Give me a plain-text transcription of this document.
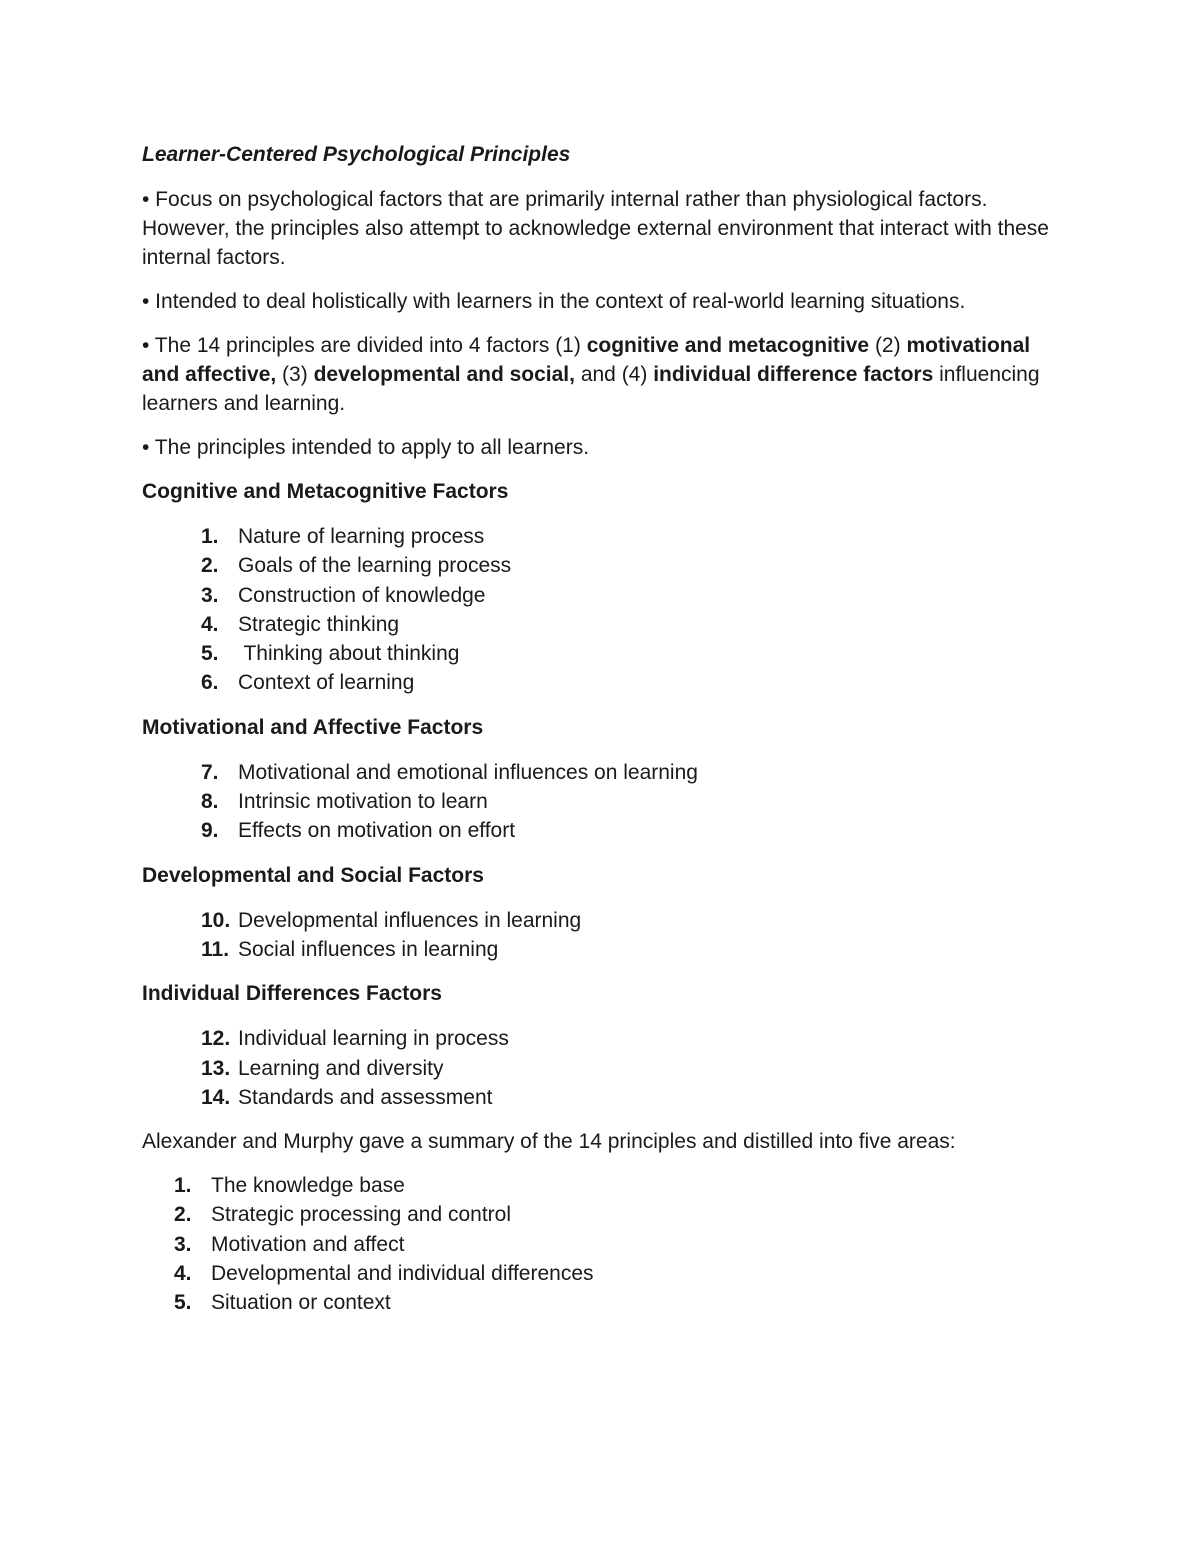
Learner-Centered Psychological Principles
• Focus on psychological factors that are primarily internal rather than physiological factors. However, the principles also attempt to acknowledge external environment that interact with these internal factors.
• Intended to deal holistically with learners in the context of real-world learning situations.
• The 14 principles are divided into 4 factors (1) cognitive and metacognitive (2) motivational and affective, (3) developmental and social, and (4) individual difference factors influencing learners and learning.
• The principles intended to apply to all learners.
Cognitive and Metacognitive Factors
1. Nature of learning process
2. Goals of the learning process
3. Construction of knowledge
4. Strategic thinking
5. Thinking about thinking
6. Context of learning
Motivational and Affective Factors
7. Motivational and emotional influences on learning
8. Intrinsic motivation to learn
9. Effects on motivation on effort
Developmental and Social Factors
10. Developmental influences in learning
11. Social influences in learning
Individual Differences Factors
12. Individual learning in process
13. Learning and diversity
14. Standards and assessment
Alexander and Murphy gave a summary of the 14 principles and distilled into five areas:
1. The knowledge base
2. Strategic processing and control
3. Motivation and affect
4. Developmental and individual differences
5. Situation or context
